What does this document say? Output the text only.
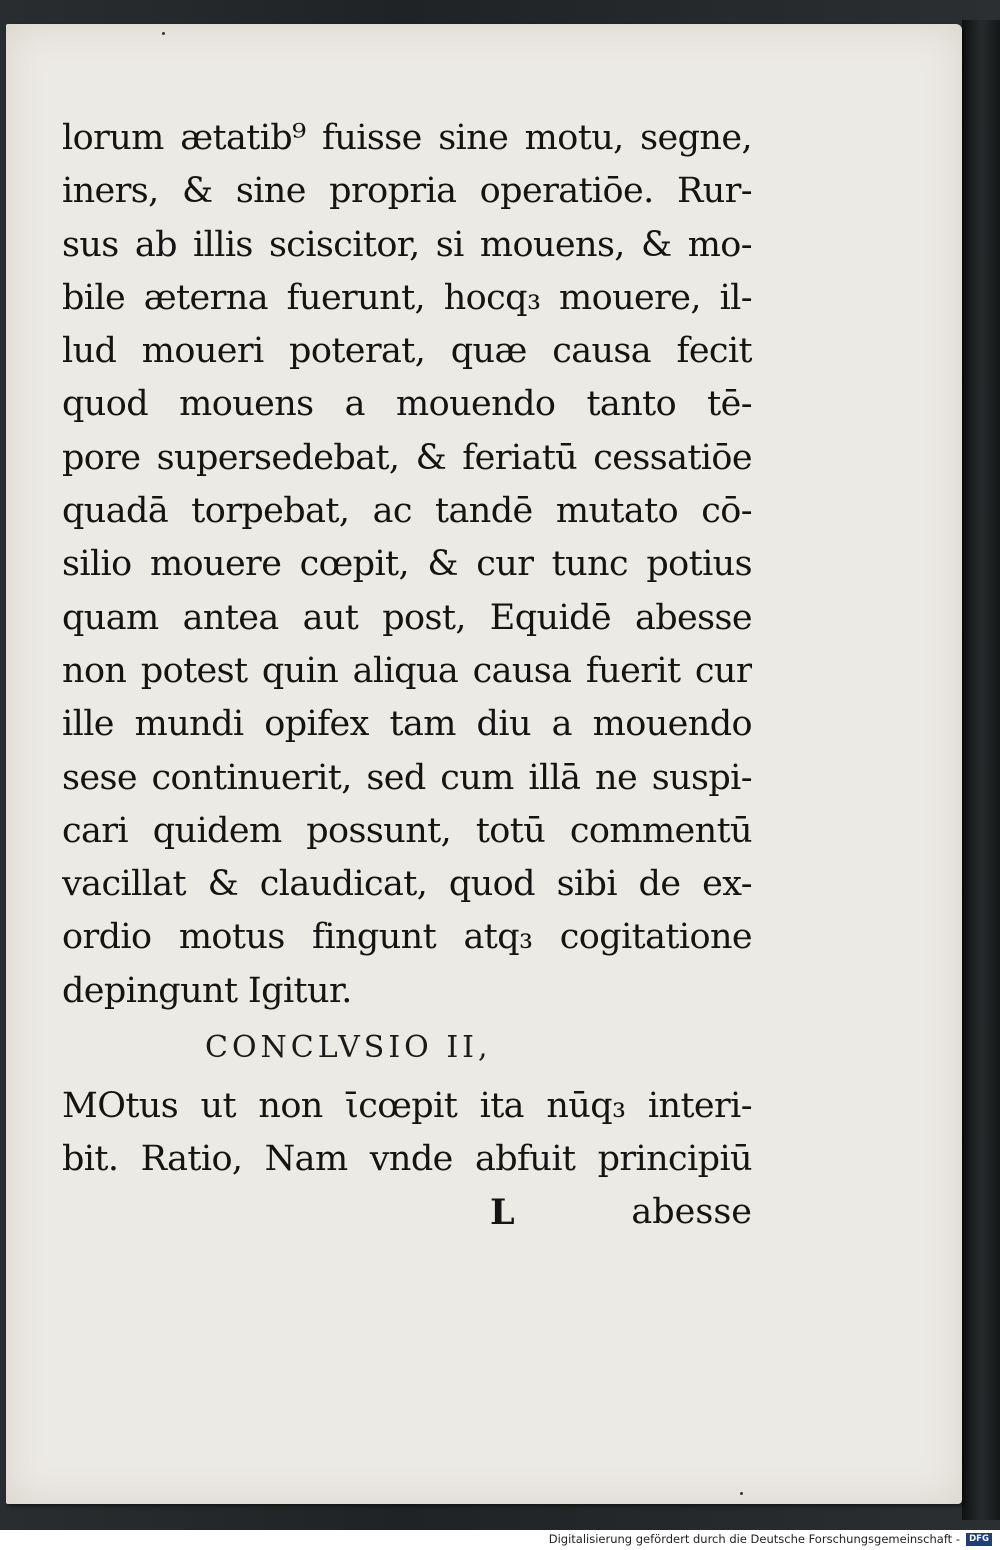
lorum ætatib⁹ fuisse sine motu, segne,
iners, & sine propria operatiōe. Rur-
sus ab illis sciscitor, si mouens, & mo-
bile æterna fuerunt, hocq₃ mouere, il-
lud moueri poterat, quæ causa fecit
quod mouens a mouendo tanto tē-
pore supersedebat, & feriatū cessatiōe
quadā torpebat, ac tandē mutato cō-
silio mouere cœpit, & cur tunc potius
quam antea aut post, Equidē abesse
non potest quin aliqua causa fuerit cur
ille mundi opifex tam diu a mouendo
sese continuerit, sed cum illā ne suspi-
cari quidem possunt, totū commentū
vacillat & claudicat, quod sibi de ex-
ordio motus fingunt atq₃ cogitatione
depingunt Igitur.
CONCLVSIO II,
MOtus ut non ῑcœpit ita nūq₃ interi-
bit. Ratio, Nam vnde abfuit principiū
L	abesse
Digitalisierung gefördert durch die Deutsche Forschungsgemeinschaft -	DFG
